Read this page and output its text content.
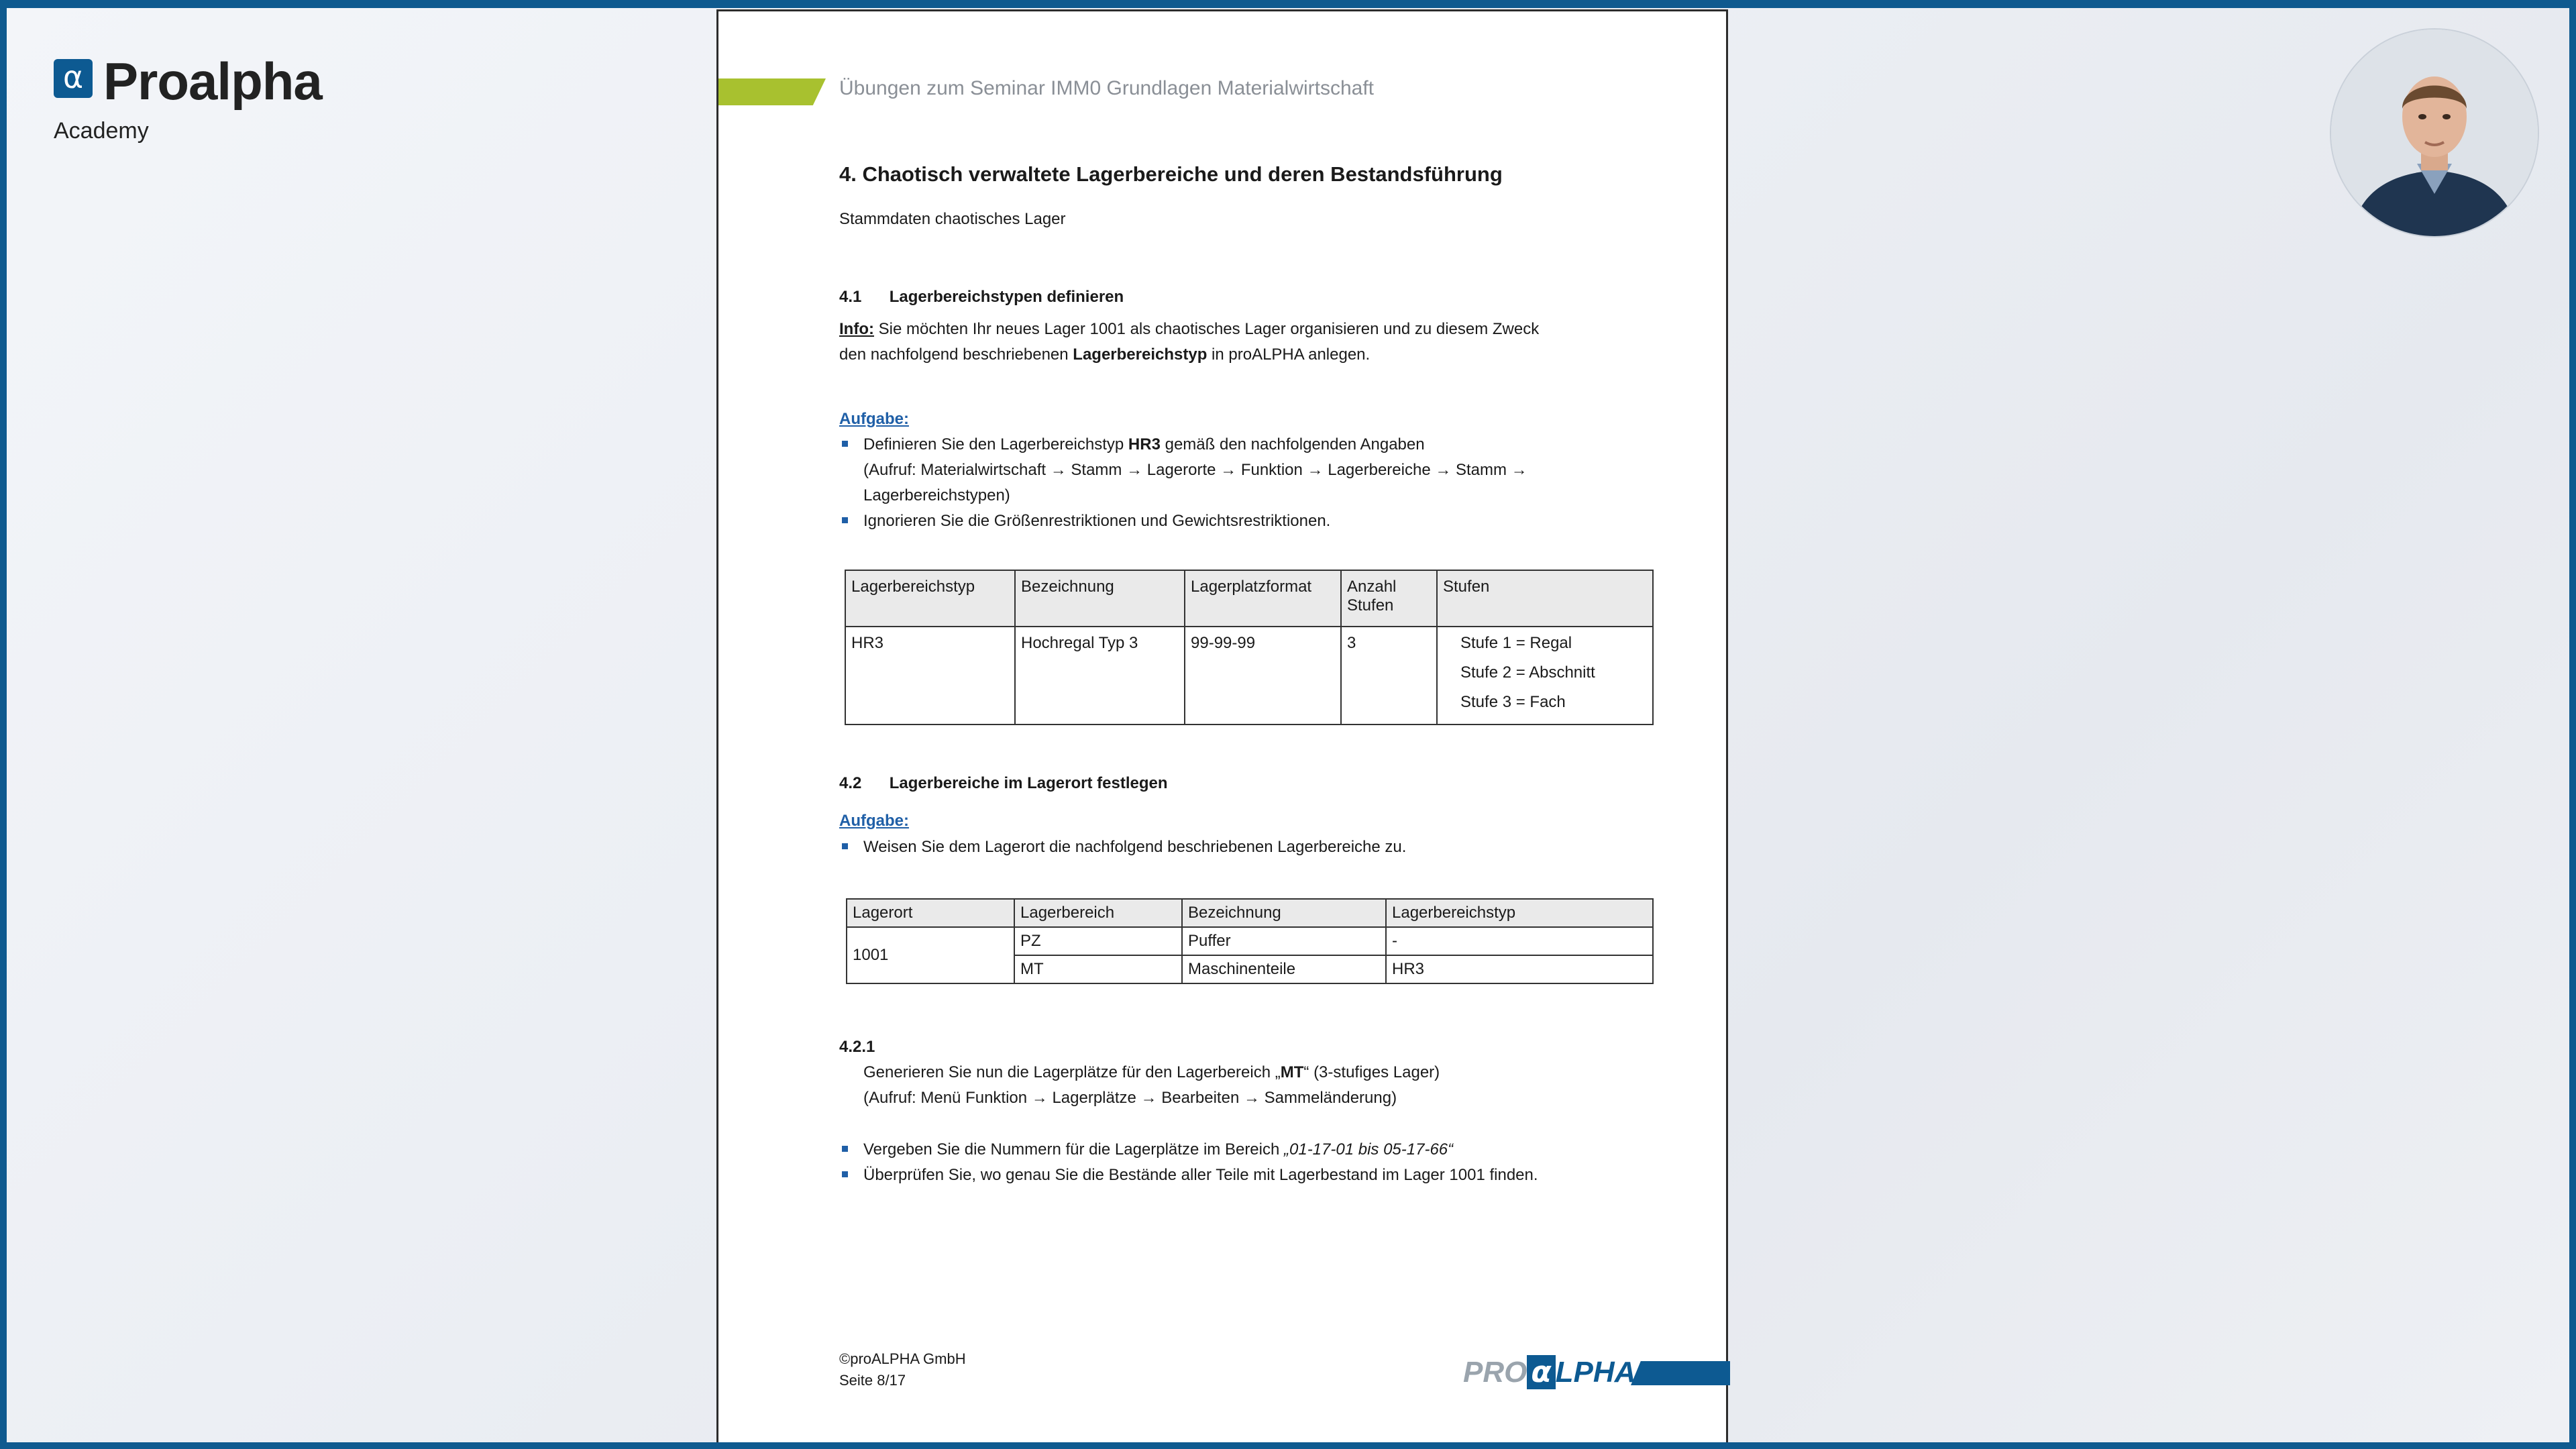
α Proalpha
Academy
Übungen zum Seminar IMM0 Grundlagen Materialwirtschaft
4. Chaotisch verwaltete Lagerbereiche und deren Bestandsführung
Stammdaten chaotisches Lager
4.1 Lagerbereichstypen definieren
Info: Sie möchten Ihr neues Lager 1001 als chaotisches Lager organisieren und zu diesem Zweck
den nachfolgend beschriebenen Lagerbereichstyp in proALPHA anlegen.
Aufgabe:
Definieren Sie den Lagerbereichstyp HR3 gemäß den nachfolgenden Angaben
(Aufruf: Materialwirtschaft → Stamm → Lagerorte → Funktion → Lagerbereiche → Stamm →
Lagerbereichstypen)
Ignorieren Sie die Größenrestriktionen und Gewichtsrestriktionen.
Lagerbereichstyp	Bezeichnung	Lagerplatzformat	Anzahl Stufen	Stufen
HR3	Hochregal Typ 3	99-99-99	3	Stufe 1 = Regal
Stufe 2 = Abschnitt
Stufe 3 = Fach
4.2 Lagerbereiche im Lagerort festlegen
Aufgabe:
Weisen Sie dem Lagerort die nachfolgend beschriebenen Lagerbereiche zu.
Lagerort	Lagerbereich	Bezeichnung	Lagerbereichstyp
1001	PZ	Puffer	-
	MT	Maschinenteile	HR3
4.2.1
Generieren Sie nun die Lagerplätze für den Lagerbereich „MT“ (3-stufiges Lager)
(Aufruf: Menü Funktion → Lagerplätze → Bearbeiten → Sammeländerung)
Vergeben Sie die Nummern für die Lagerplätze im Bereich „01-17-01 bis 05-17-66“
Überprüfen Sie, wo genau Sie die Bestände aller Teile mit Lagerbestand im Lager 1001 finden.
©proALPHA GmbH
Seite 8/17	PRO α LPHA
